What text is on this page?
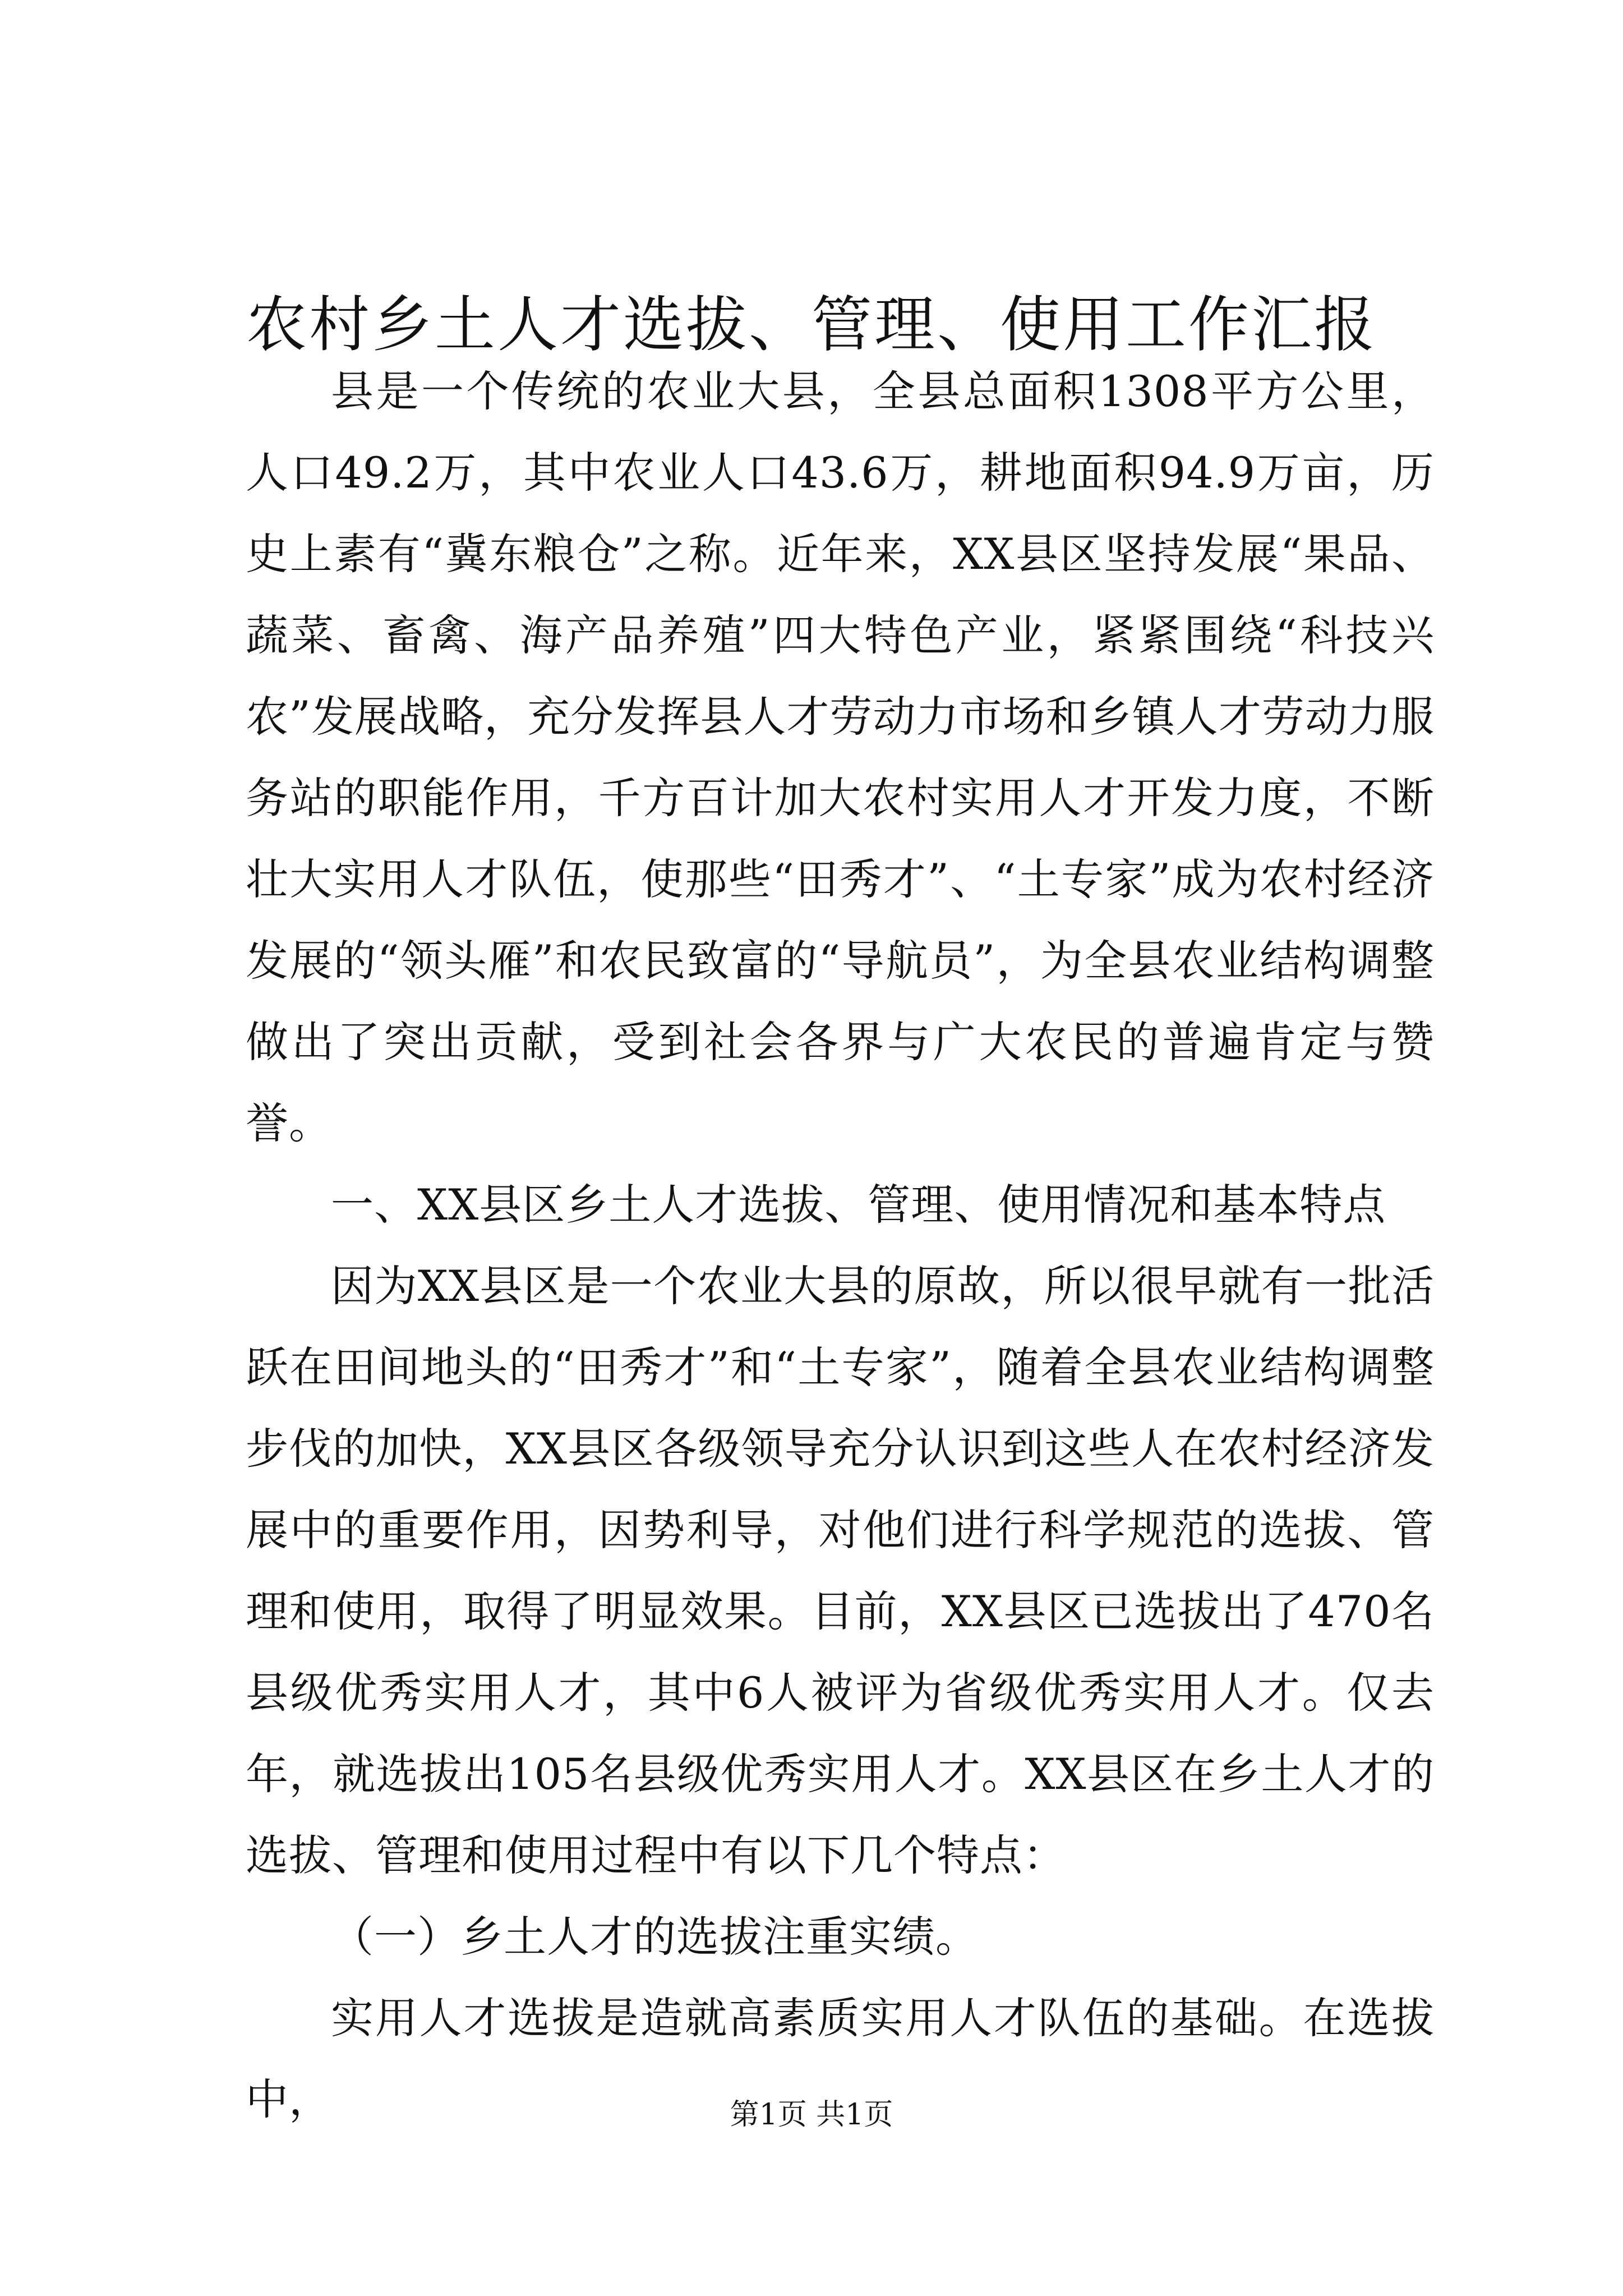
农村乡土人才选拔、管理、使用工作汇报

县是一个传统的农业大县，全县总面积1308平方公里，人口49.2万，其中农业人口43.6万，耕地面积94.9万亩，历史上素有“冀东粮仓”之称。近年来，XX县区坚持发展“果品、蔬菜、畜禽、海产品养殖”四大特色产业，紧紧围绕“科技兴农”发展战略，充分发挥县人才劳动力市场和乡镇人才劳动力服务站的职能作用，千方百计加大农村实用人才开发力度，不断壮大实用人才队伍，使那些“田秀才”、“土专家”成为农村经济发展的“领头雁”和农民致富的“导航员”，为全县农业结构调整做出了突出贡献，受到社会各界与广大农民的普遍肯定与赞誉。

一、XX县区乡土人才选拔、管理、使用情况和基本特点

因为XX县区是一个农业大县的原故，所以很早就有一批活跃在田间地头的“田秀才”和“土专家”，随着全县农业结构调整步伐的加快，XX县区各级领导充分认识到这些人在农村经济发展中的重要作用，因势利导，对他们进行科学规范的选拔、管理和使用，取得了明显效果。目前，XX县区已选拔出了470名县级优秀实用人才，其中6人被评为省级优秀实用人才。仅去年，就选拔出105名县级优秀实用人才。XX县区在乡土人才的选拔、管理和使用过程中有以下几个特点：

（一）乡土人才的选拔注重实绩。

实用人才选拔是造就高素质实用人才队伍的基础。在选拔中，	第1页 共1页
